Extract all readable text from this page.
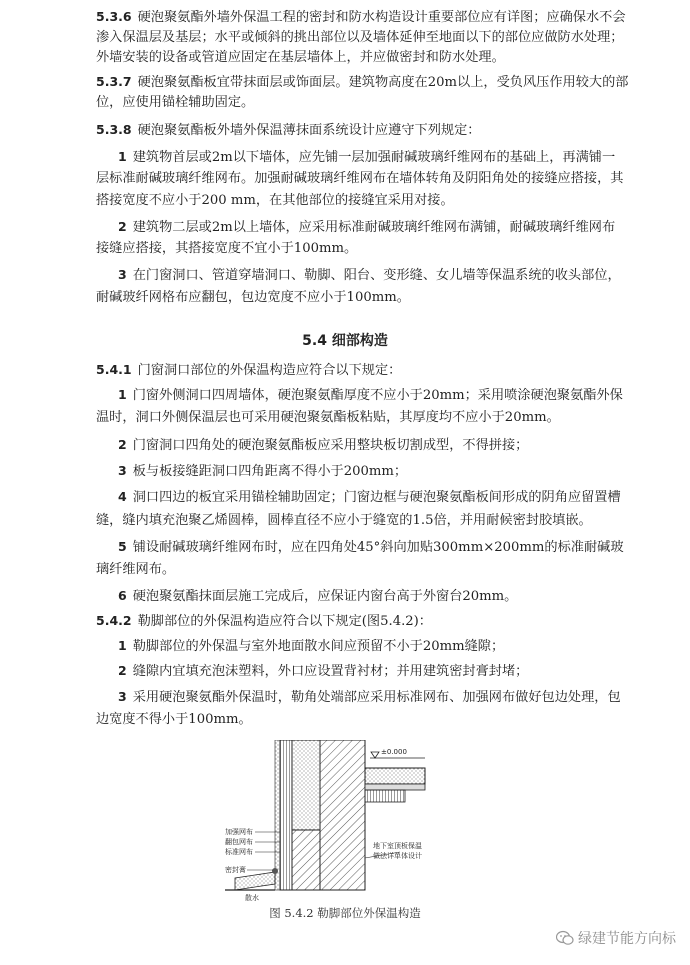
5.3.6 硬泡聚氨酯外墙外保温工程的密封和防水构造设计重要部位应有详图；应确保水不会
渗入保温层及基层；水平或倾斜的挑出部位以及墙体延伸至地面以下的部位应做防水处理；
外墙安装的设备或管道应固定在基层墙体上，并应做密封和防水处理。
5.3.7 硬泡聚氨酯板宜带抹面层或饰面层。建筑物高度在20m以上，受负风压作用较大的部
位，应使用锚栓辅助固定。
5.3.8 硬泡聚氨酯板外墙外保温薄抹面系统设计应遵守下列规定：
1 建筑物首层或2m以下墙体，应先铺一层加强耐碱玻璃纤维网布的基础上，再满铺一
层标准耐碱玻璃纤维网布。加强耐碱玻璃纤维网布在墙体转角及阴阳角处的接缝应搭接，其
搭接宽度不应小于200 mm，在其他部位的接缝宜采用对接。
2 建筑物二层或2m以上墙体，应采用标准耐碱玻璃纤维网布满铺，耐碱玻璃纤维网布
接缝应搭接，其搭接宽度不宜小于100mm。
3 在门窗洞口、管道穿墙洞口、勒脚、阳台、变形缝、女儿墙等保温系统的收头部位，
耐碱玻纤网格布应翻包，包边宽度不应小于100mm。
5.4 细部构造
5.4.1 门窗洞口部位的外保温构造应符合以下规定：
1 门窗外侧洞口四周墙体，硬泡聚氨酯厚度不应小于20mm；采用喷涂硬泡聚氨酯外保
温时，洞口外侧保温层也可采用硬泡聚氨酯板粘贴，其厚度均不应小于20mm。
2 门窗洞口四角处的硬泡聚氨酯板应采用整块板切割成型，不得拼接；
3 板与板接缝距洞口四角距离不得小于200mm；
4 洞口四边的板宜采用锚栓辅助固定；门窗边框与硬泡聚氨酯板间形成的阴角应留置槽
缝，缝内填充泡聚乙烯圆棒，圆棒直径不应小于缝宽的1.5倍，并用耐候密封胶填嵌。
5 铺设耐碱玻璃纤维网布时，应在四角处45°斜向加贴300mm×200mm的标准耐碱玻
璃纤维网布。
6 硬泡聚氨酯抹面层施工完成后，应保证内窗台高于外窗台20mm。
5.4.2 勒脚部位的外保温构造应符合以下规定(图5.4.2)：
1 勒脚部位的外保温与室外地面散水间应预留不小于20mm缝隙；
2 缝隙内宜填充泡沫塑料，外口应设置背衬材；并用建筑密封膏封堵；
3 采用硬泡聚氨酯外保温时，勒角处端部应采用标准网布、加强网布做好包边处理，包
边宽度不得小于100mm。
±0.000
加强网布
翻包网布
标准网布
密封膏
散水
地下室顶板保温
做法详单体设计
图 5.4.2 勒脚部位外保温构造
绿建节能方向标
